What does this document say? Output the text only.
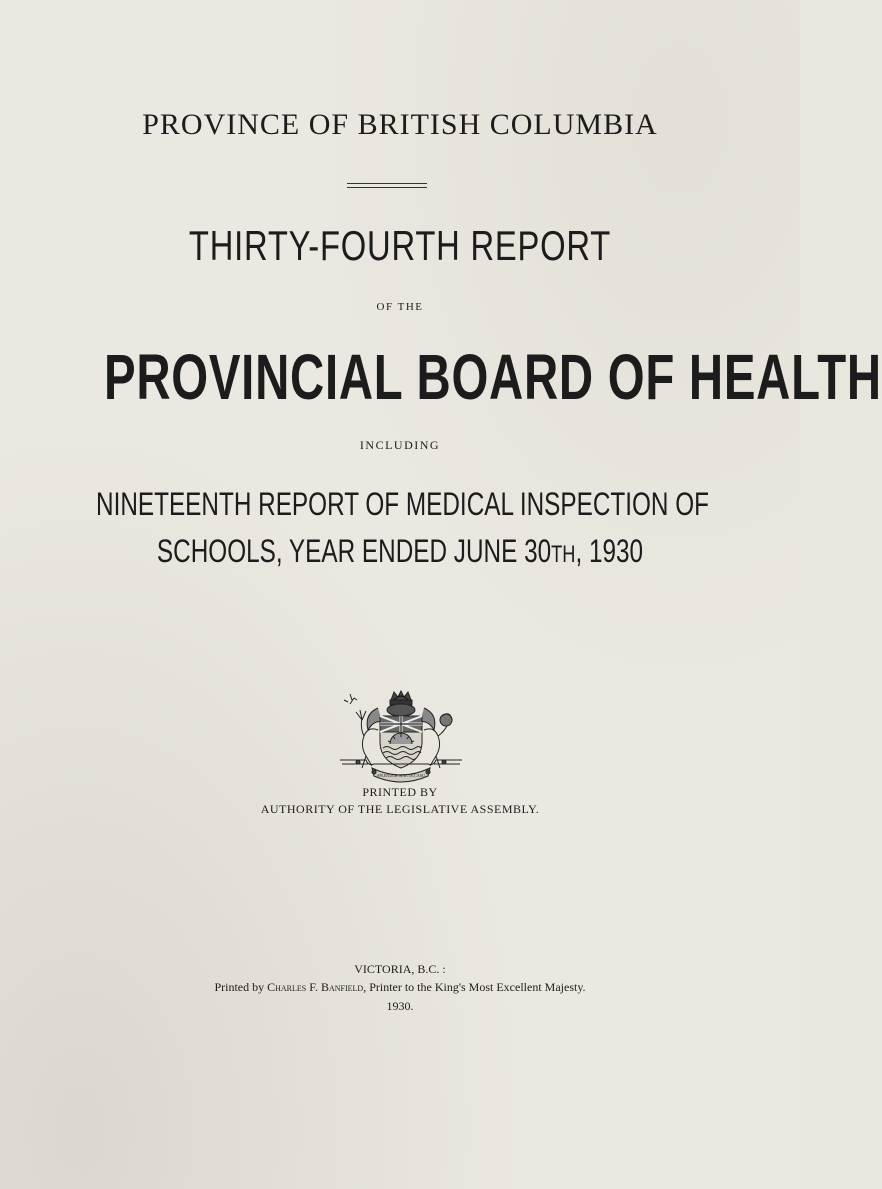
PROVINCE OF BRITISH COLUMBIA
THIRTY-FOURTH REPORT
OF THE
PROVINCIAL BOARD OF HEALTH
INCLUDING
NINETEENTH REPORT OF MEDICAL INSPECTION OF
SCHOOLS, YEAR ENDED JUNE 30TH, 1930
SPLENDOR SINE OCCASU
PRINTED BY
AUTHORITY OF THE LEGISLATIVE ASSEMBLY.
VICTORIA, B.C. :
Printed by Charles F. Banfield, Printer to the King's Most Excellent Majesty.
1930.
